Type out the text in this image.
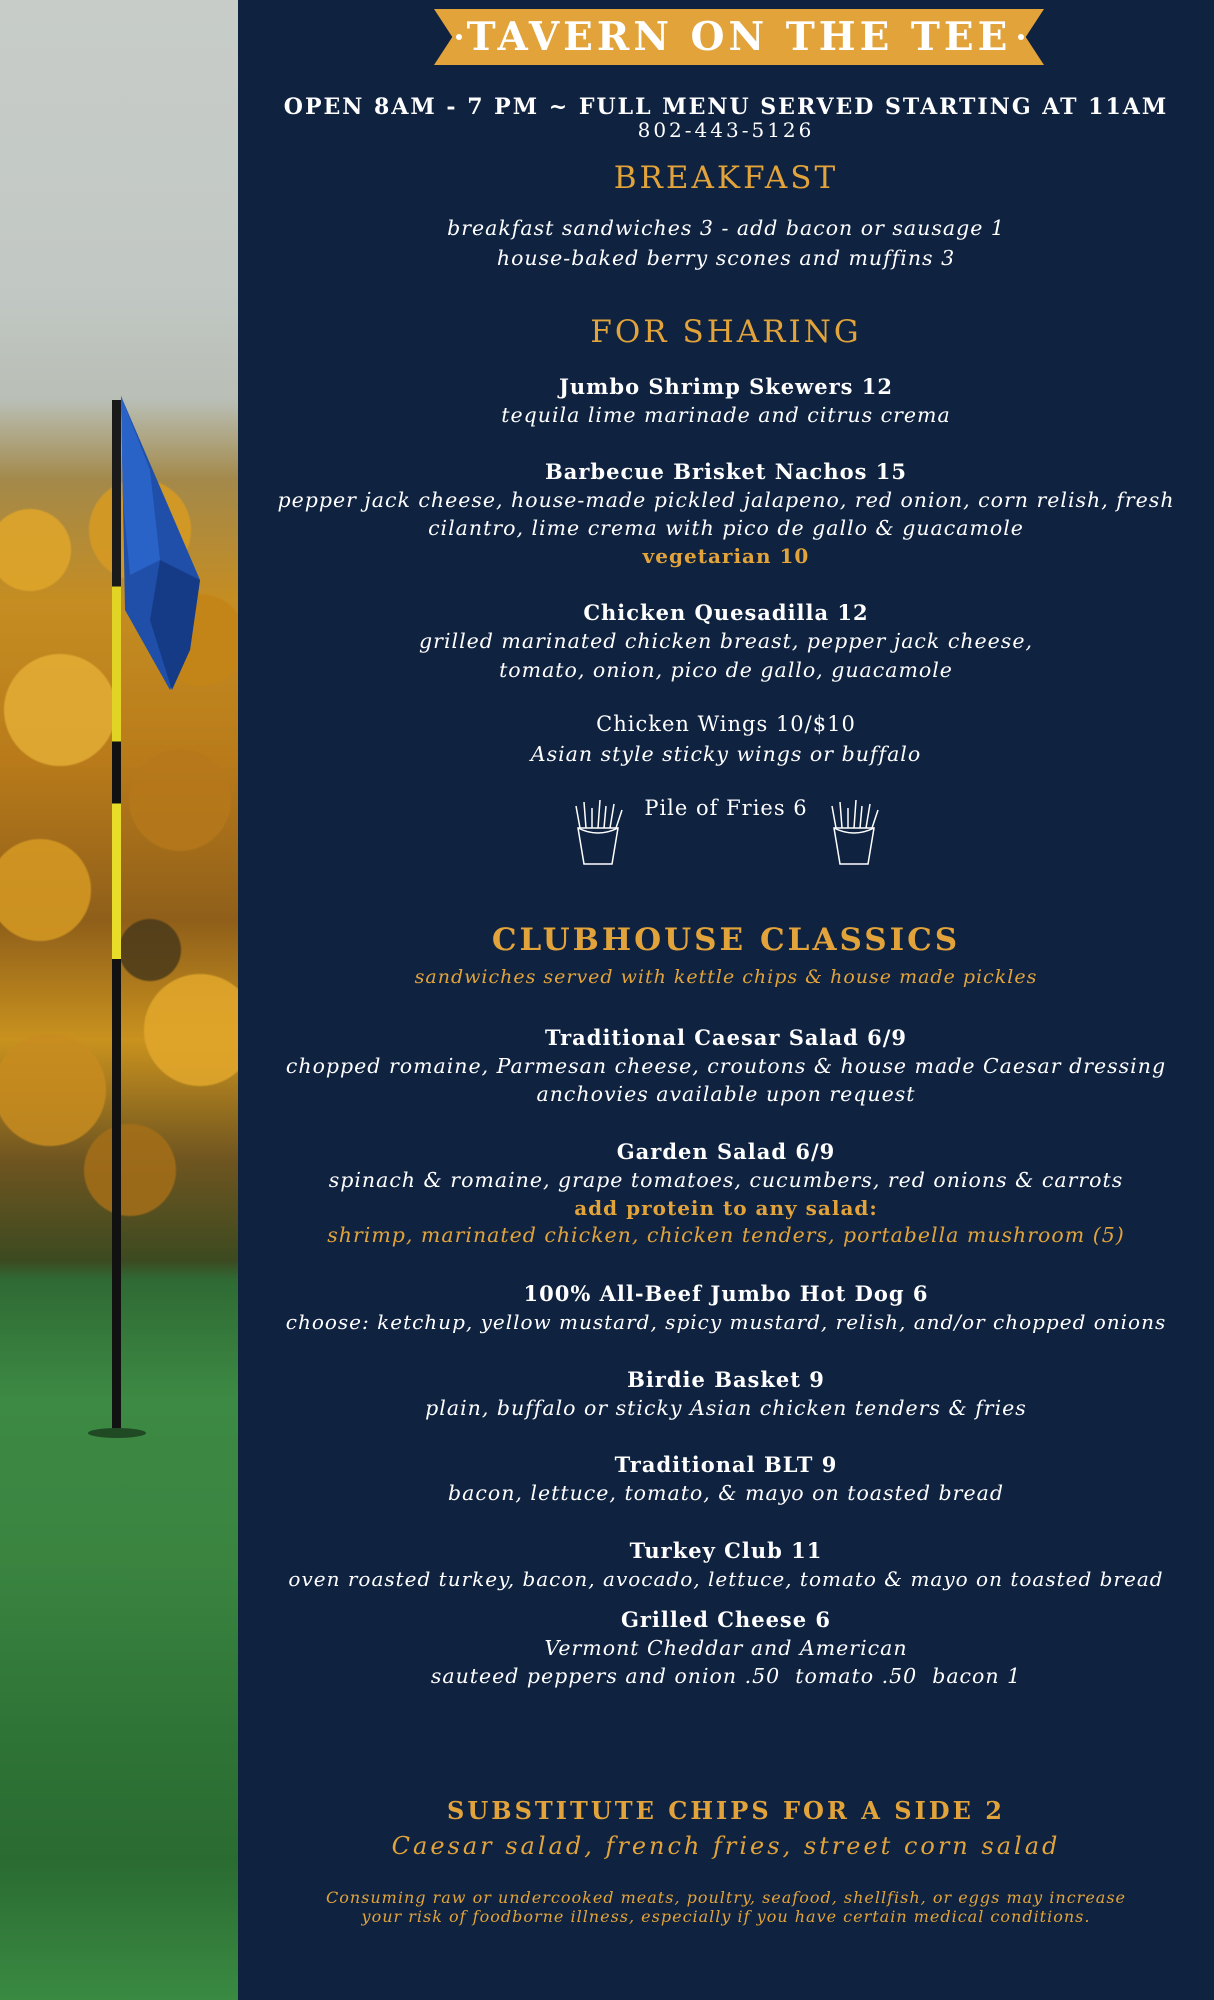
TAVERN ON THE TEE

OPEN 8AM - 7 PM ~ FULL MENU SERVED STARTING AT 11AM

802-443-5126

BREAKFAST

breakfast sandwiches 3 - add bacon or sausage 1

house-baked berry scones and muffins 3

FOR SHARING

Jumbo Shrimp Skewers 12

tequila lime marinade and citrus crema

Barbecue Brisket Nachos 15

pepper jack cheese, house-made pickled jalapeno, red onion, corn relish, fresh

cilantro, lime crema with pico de gallo & guacamole

vegetarian 10

Chicken Quesadilla 12

grilled marinated chicken breast, pepper jack cheese,

tomato, onion, pico de gallo, guacamole

Chicken Wings 10/$10

Asian style sticky wings or buffalo

Pile of Fries 6

CLUBHOUSE CLASSICS

sandwiches served with kettle chips & house made pickles

Traditional Caesar Salad 6/9

chopped romaine, Parmesan cheese, croutons & house made Caesar dressing

anchovies available upon request

Garden Salad 6/9

spinach & romaine, grape tomatoes, cucumbers, red onions & carrots

add protein to any salad:

shrimp, marinated chicken, chicken tenders, portabella mushroom (5)

100% All-Beef Jumbo Hot Dog 6

choose: ketchup, yellow mustard, spicy mustard, relish, and/or chopped onions

Birdie Basket 9

plain, buffalo or sticky Asian chicken tenders & fries

Traditional BLT 9

bacon, lettuce, tomato, & mayo on toasted bread

Turkey Club 11

oven roasted turkey, bacon, avocado, lettuce, tomato & mayo on toasted bread

Grilled Cheese 6

Vermont Cheddar and American

sauteed peppers and onion .50  tomato .50  bacon 1

SUBSTITUTE CHIPS FOR A SIDE 2

Caesar salad, french fries, street corn salad

Consuming raw or undercooked meats, poultry, seafood, shellfish, or eggs may increase

your risk of foodborne illness, especially if you have certain medical conditions.
